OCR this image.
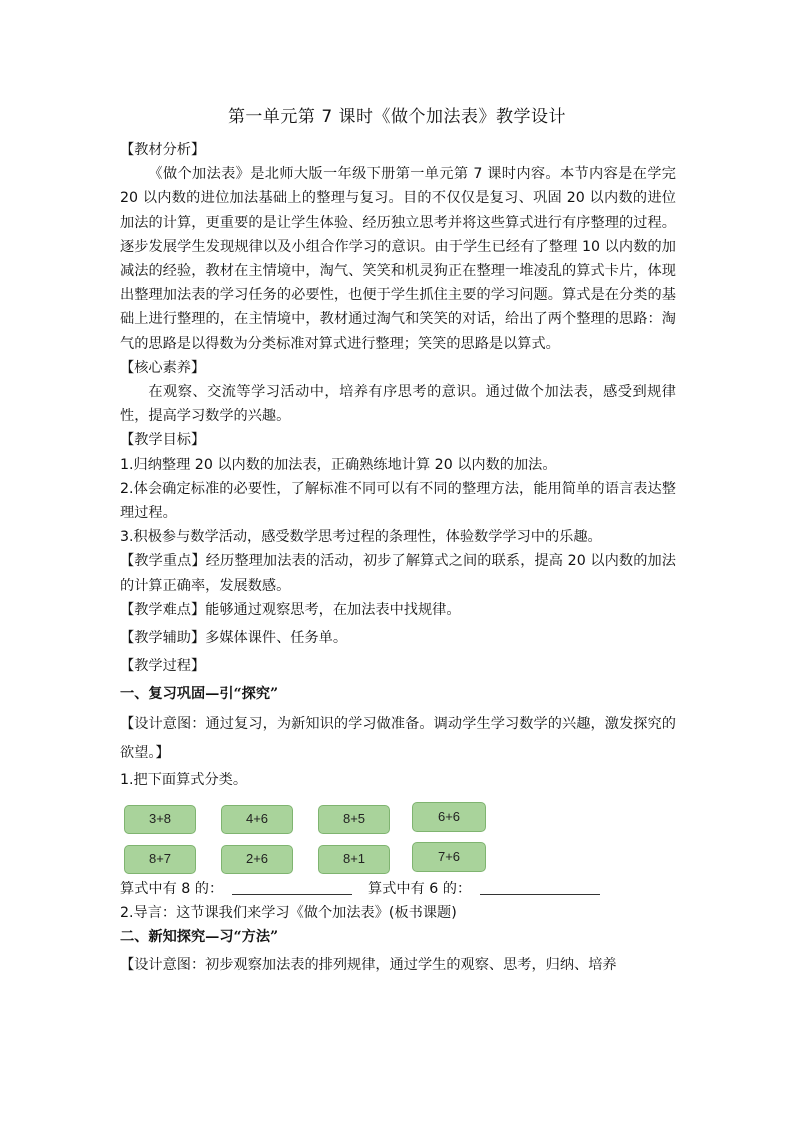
第一单元第 7 课时《做个加法表》教学设计

【教材分析】

《做个加法表》是北师大版一年级下册第一单元第 7 课时内容。本节内容是在学完 20 以内数的进位加法基础上的整理与复习。目的不仅仅是复习、巩固 20 以内数的进位加法的计算，更重要的是让学生体验、经历独立思考并将这些算式进行有序整理的过程。逐步发展学生发现规律以及小组合作学习的意识。由于学生已经有了整理 10 以内数的加减法的经验，教材在主情境中，淘气、笑笑和机灵狗正在整理一堆凌乱的算式卡片，体现出整理加法表的学习任务的必要性，也便于学生抓住主要的学习问题。算式是在分类的基础上进行整理的，在主情境中，教材通过淘气和笑笑的对话，给出了两个整理的思路：淘气的思路是以得数为分类标准对算式进行整理；笑笑的思路是以算式。

【核心素养】

在观察、交流等学习活动中，培养有序思考的意识。通过做个加法表，感受到规律性，提高学习数学的兴趣。

【教学目标】

1.归纳整理 20 以内数的加法表，正确熟练地计算 20 以内数的加法。

2.体会确定标准的必要性，了解标准不同可以有不同的整理方法，能用简单的语言表达整理过程。

3.积极参与数学活动，感受数学思考过程的条理性，体验数学学习中的乐趣。

【教学重点】经历整理加法表的活动，初步了解算式之间的联系，提高 20 以内数的加法的计算正确率，发展数感。

【教学难点】能够通过观察思考，在加法表中找规律。

【教学辅助】多媒体课件、任务单。

【教学过程】

一、复习巩固—引“探究”

【设计意图：通过复习，为新知识的学习做准备。调动学生学习数学的兴趣，激发探究的欲望。】

1.把下面算式分类。

3+8	4+6	8+5	6+6
8+7	2+6	8+1	7+6
算式中有 8 的：	算式中有 6 的：

2.导言：这节课我们来学习《做个加法表》(板书课题)

二、新知探究—习“方法”

【设计意图：初步观察加法表的排列规律，通过学生的观察、思考，归纳、培养
